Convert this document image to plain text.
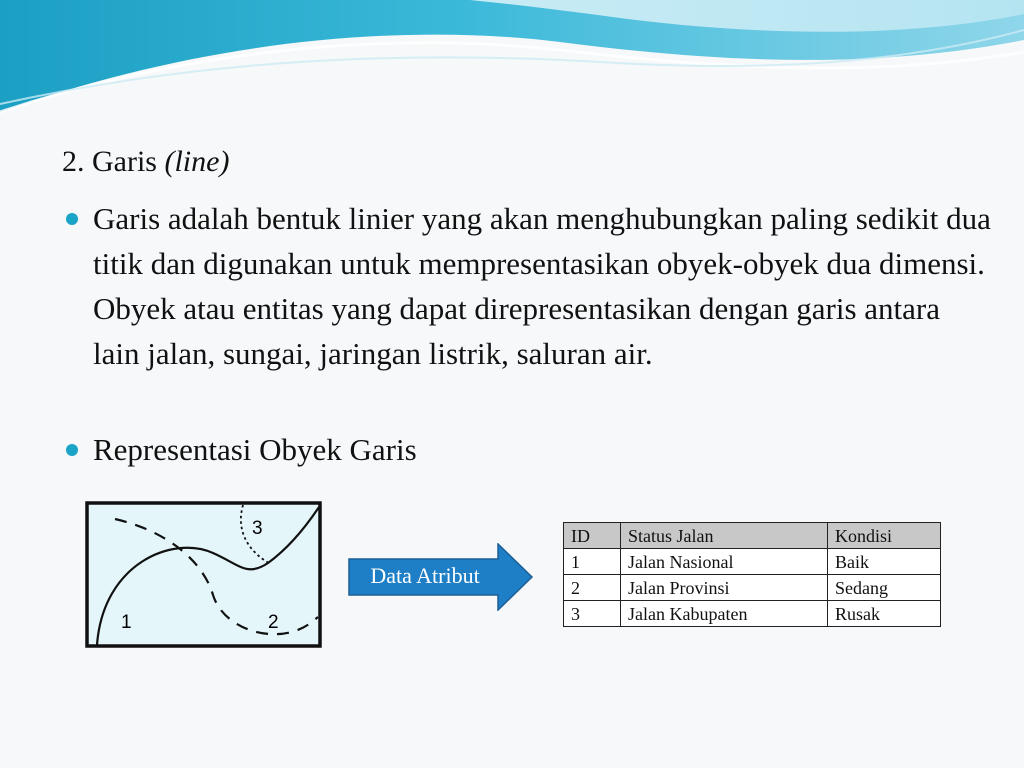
2. Garis (line)
Garis adalah bentuk linier yang akan menghubungkan paling sedikit dua titik dan digunakan untuk mempresentasikan obyek-obyek dua dimensi. Obyek atau entitas yang dapat direpresentasikan dengan garis antara lain jalan, sungai, jaringan listrik, saluran air.
Representasi Obyek Garis
1	2
3
Data Atribut
ID	Status Jalan	Kondisi
1	Jalan Nasional	Baik
2	Jalan Provinsi	Sedang
3	Jalan Kabupaten	Rusak
